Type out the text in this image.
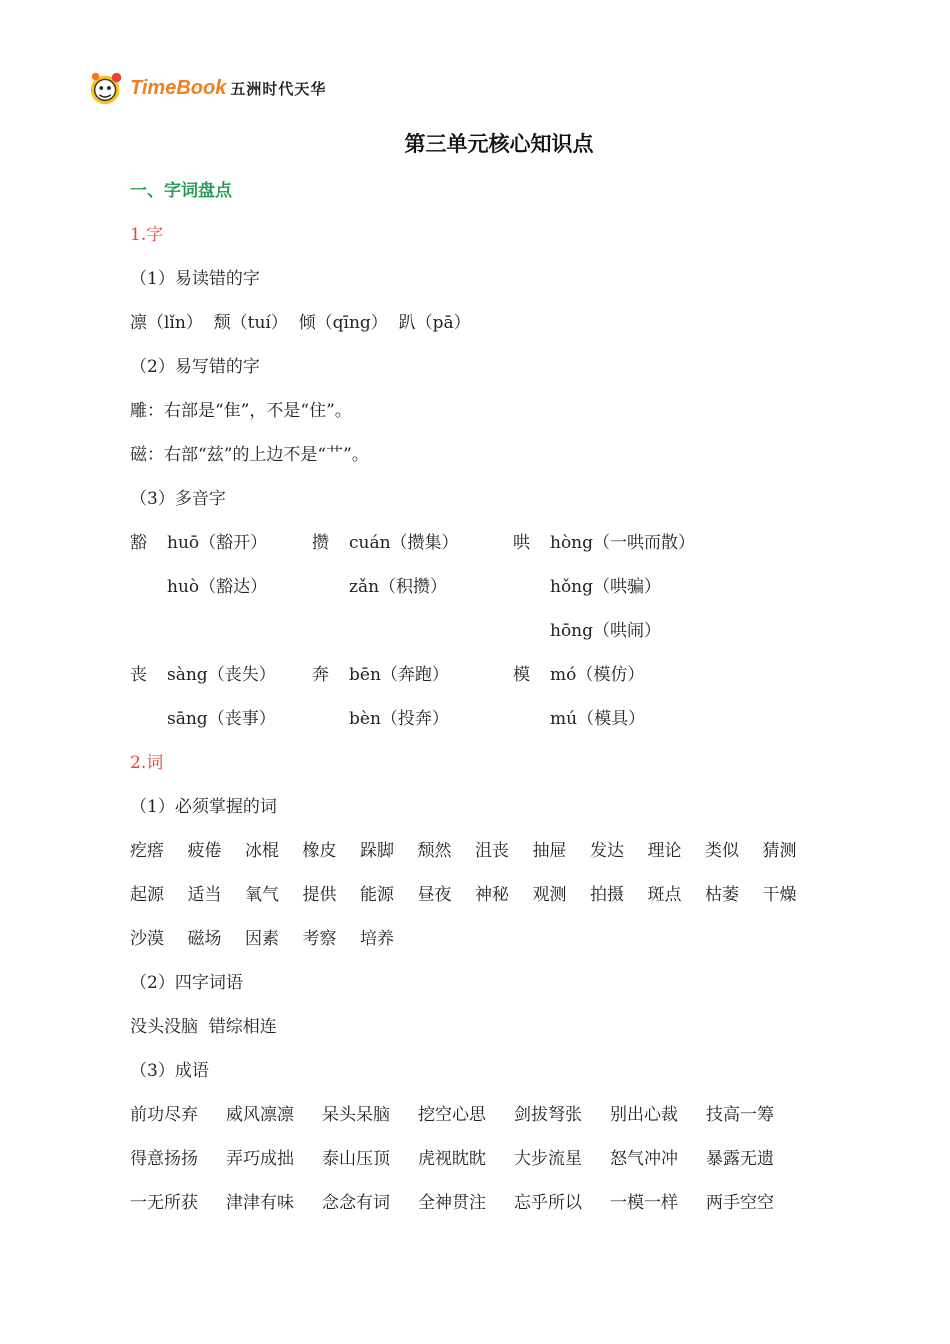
TimeBook 五洲时代天华
第三单元核心知识点
一、字词盘点
1.字
（1）易读错的字
凛（lǐn）  颓（tuí）  倾（qīng）  趴（pā）
（2）易写错的字
雕：右部是“隹”，不是“住”。
磁：右部“兹”的上边不是“艹”。
（3）多音字
豁 huō（豁开）
huò（豁达）
攒 cuán（攒集）
zǎn（积攒）
哄 hòng（一哄而散）
hǒng（哄骗）
hōng（哄闹）
丧 sàng（丧失）
sāng（丧事）
奔 bēn（奔跑）
bèn（投奔）
模 mó（模仿）
mú（模具）
2.词
（1）必须掌握的词
疙瘩 疲倦 冰棍 橡皮 跺脚 颓然 沮丧 抽屉 发达 理论 类似 猜测
起源 适当 氧气 提供 能源 昼夜 神秘 观测 拍摄 斑点 枯萎 干燥
沙漠 磁场 因素 考察 培养
（2）四字词语
没头没脑  错综相连
（3）成语
前功尽弃 威风凛凛 呆头呆脑 挖空心思 剑拔弩张 别出心裁 技高一筹
得意扬扬 弄巧成拙 泰山压顶 虎视眈眈 大步流星 怒气冲冲 暴露无遗
一无所获 津津有味 念念有词 全神贯注 忘乎所以 一模一样 两手空空
